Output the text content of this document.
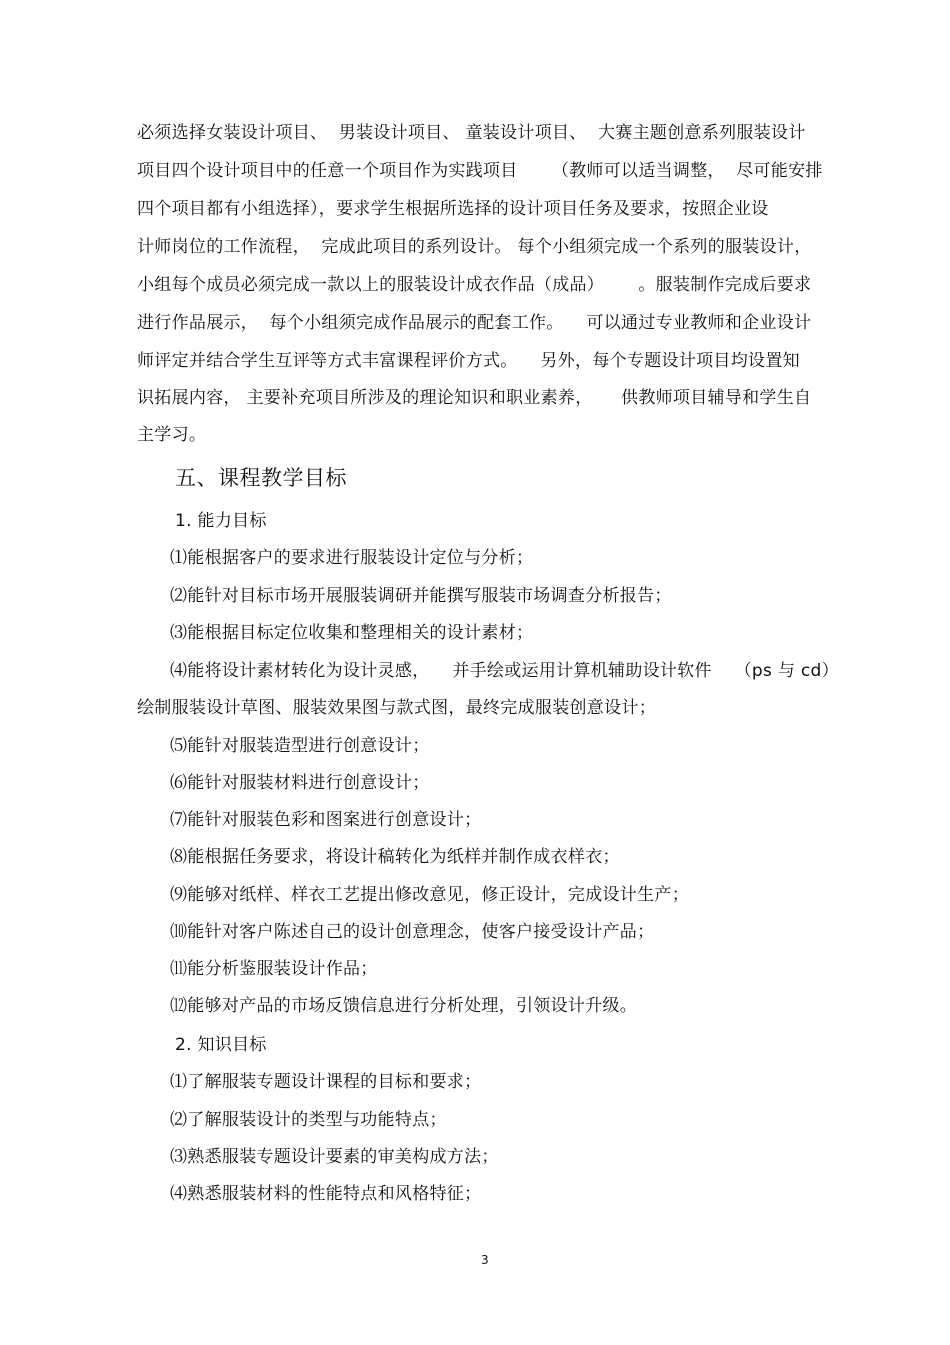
必须选择女装设计项目、  男装设计项目、 童装设计项目、  大赛主题创意系列服装设计
项目四个设计项目中的任意一个项目作为实践项目      （教师可以适当调整，  尽可能安排
四个项目都有小组选择），要求学生根据所选择的设计项目任务及要求，按照企业设
计师岗位的工作流程，  完成此项目的系列设计。 每个小组须完成一个系列的服装设计，
小组每个成员必须完成一款以上的服装设计成衣作品（成品）      。服装制作完成后要求
进行作品展示，  每个小组须完成作品展示的配套工作。    可以通过专业教师和企业设计
师评定并结合学生互评等方式丰富课程评价方式。    另外，每个专题设计项目均设置知
识拓展内容， 主要补充项目所涉及的理论知识和职业素养，     供教师项目辅导和学生自
主学习。
五、课程教学目标
1. 能力目标
⑴能根据客户的要求进行服装设计定位与分析；
⑵能针对目标市场开展服装调研并能撰写服装市场调查分析报告；
⑶能根据目标定位收集和整理相关的设计素材；
⑷能将设计素材转化为设计灵感，    并手绘或运用计算机辅助设计软件    （ps 与 cd）
绘制服装设计草图、服装效果图与款式图，最终完成服装创意设计；
⑸能针对服装造型进行创意设计；
⑹能针对服装材料进行创意设计；
⑺能针对服装色彩和图案进行创意设计；
⑻能根据任务要求，将设计稿转化为纸样并制作成衣样衣；
⑼能够对纸样、样衣工艺提出修改意见，修正设计，完成设计生产；
⑽能针对客户陈述自己的设计创意理念，使客户接受设计产品；
⑾能分析鉴服装设计作品；
⑿能够对产品的市场反馈信息进行分析处理，引领设计升级。
2. 知识目标
⑴了解服装专题设计课程的目标和要求；
⑵了解服装设计的类型与功能特点；
⑶熟悉服装专题设计要素的审美构成方法；
⑷熟悉服装材料的性能特点和风格特征；
3
